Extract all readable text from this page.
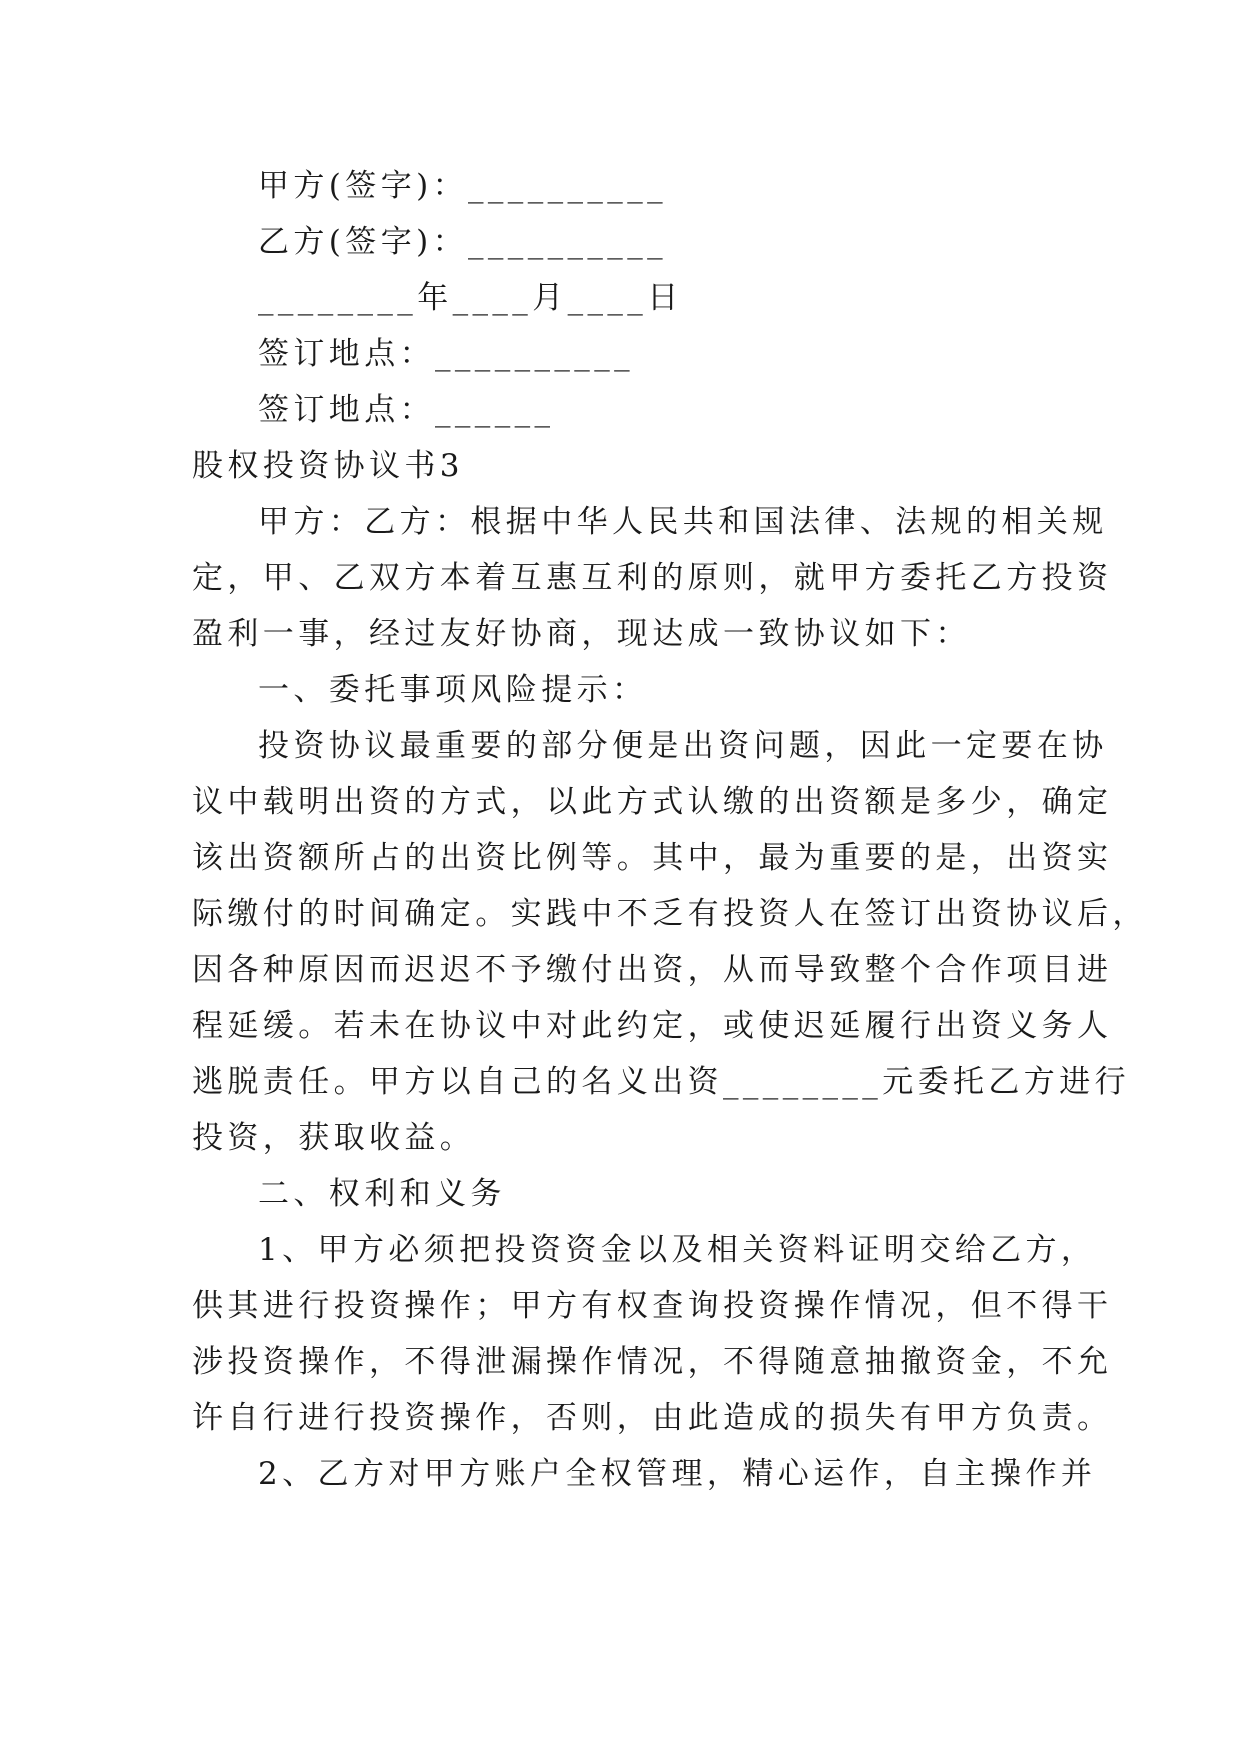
甲方(签字)：__________
乙方(签字)：__________
________年____月____日
签订地点：__________
签订地点：______
股权投资协议书3
甲方：乙方：根据中华人民共和国法律、法规的相关规
定，甲、乙双方本着互惠互利的原则，就甲方委托乙方投资
盈利一事，经过友好协商，现达成一致协议如下：
一、委托事项风险提示：
投资协议最重要的部分便是出资问题，因此一定要在协
议中载明出资的方式，以此方式认缴的出资额是多少，确定
该出资额所占的出资比例等。其中，最为重要的是，出资实
际缴付的时间确定。实践中不乏有投资人在签订出资协议后，
因各种原因而迟迟不予缴付出资，从而导致整个合作项目进
程延缓。若未在协议中对此约定，或使迟延履行出资义务人
逃脱责任。甲方以自己的名义出资________元委托乙方进行
投资，获取收益。
二、权利和义务
1、甲方必须把投资资金以及相关资料证明交给乙方，
供其进行投资操作；甲方有权查询投资操作情况，但不得干
涉投资操作，不得泄漏操作情况，不得随意抽撤资金，不允
许自行进行投资操作，否则，由此造成的损失有甲方负责。
2、乙方对甲方账户全权管理，精心运作，自主操作并
